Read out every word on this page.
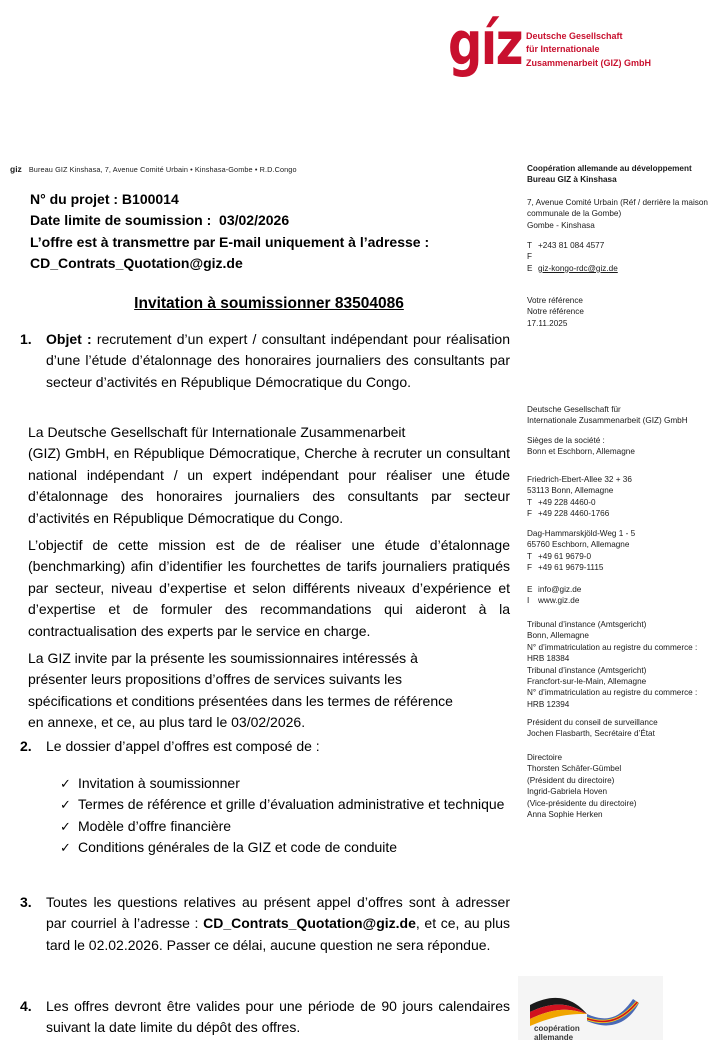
gíz Deutsche Gesellschaft
für Internationale
Zusammenarbeit (GIZ) GmbH
giz Bureau GIZ Kinshasa, 7, Avenue Comité Urbain • Kinshasa-Gombe • R.D.Congo
N° du projet : B100014
Date limite de soumission :  03/02/2026
L’offre est à transmettre par E-mail uniquement à l’adresse :
CD_Contrats_Quotation@giz.de
Invitation à soumissionner 83504086
1.	Objet : recrutement d’un expert / consultant indépendant pour réalisation d’une l’étude d’étalonnage des honoraires journaliers des consultants par secteur d’activités en République Démocratique du Congo.
La Deutsche Gesellschaft für Internationale Zusammenarbeit
(GIZ) GmbH, en République Démocratique, Cherche à recruter un consultant national indépendant / un expert indépendant pour réaliser une étude d’étalonnage des honoraires journaliers des consultants par secteur d’activités en République Démocratique du Congo.
L’objectif de cette mission est de de réaliser une étude d’étalonnage (benchmarking) afin d’identifier les fourchettes de tarifs journaliers pratiqués par secteur, niveau d’expertise et selon différents niveaux d’expérience et d’expertise et de formuler des recommandations qui aideront à la contractualisation des experts par le service en charge.
La GIZ invite par la présente les soumissionnaires intéressés à
présenter leurs propositions d’offres de services suivants les
spécifications et conditions présentées dans les termes de référence
en annexe, et ce, au plus tard le 03/02/2026.
2.	Le dossier d’appel d’offres est composé de :
✓ Invitation à soumissionner
✓ Termes de référence et grille d’évaluation administrative et technique
✓ Modèle d’offre financière
✓ Conditions générales de la GIZ et code de conduite
3.	Toutes les questions relatives au présent appel d’offres sont à adresser par courriel à l’adresse : CD_Contrats_Quotation@giz.de, et ce, au plus tard le 02.02.2026. Passer ce délai, aucune question ne sera répondue.
4.	Les offres devront être valides pour une période de 90 jours calendaires suivant la date limite du dépôt des offres.
Coopération allemande au développement
Bureau GIZ à Kinshasa
7, Avenue Comité Urbain (Réf / derrière la maison
communale de la Gombe)
Gombe - Kinshasa
T +243 81 084 4577
F
E giz-kongo-rdc@giz.de
Votre référence
Notre référence
17.11.2025
Deutsche Gesellschaft für
Internationale Zusammenarbeit (GIZ) GmbH
Sièges de la société :
Bonn et Eschborn, Allemagne
Friedrich-Ebert-Allee 32 + 36
53113 Bonn, Allemagne
T +49 228 4460-0
F +49 228 4460-1766
Dag-Hammarskjöld-Weg 1 - 5
65760 Eschborn, Allemagne
T +49 61 9679-0
F +49 61 9679-1115
E info@giz.de
I	www.giz.de
Tribunal d’instance (Amtsgericht)
Bonn, Allemagne
N° d’immatriculation au registre du commerce :
HRB 18384
Tribunal d’instance (Amtsgericht)
Francfort-sur-le-Main, Allemagne
N° d’immatriculation au registre du commerce :
HRB 12394
Président du conseil de surveillance
Jochen Flasbarth, Secrétaire d’État
Directoire
Thorsten Schäfer-Gümbel
(Président du directoire)
Ingrid-Gabriela Hoven
(Vice-présidente du directoire)
Anna Sophie Herken
coopération
allemande
